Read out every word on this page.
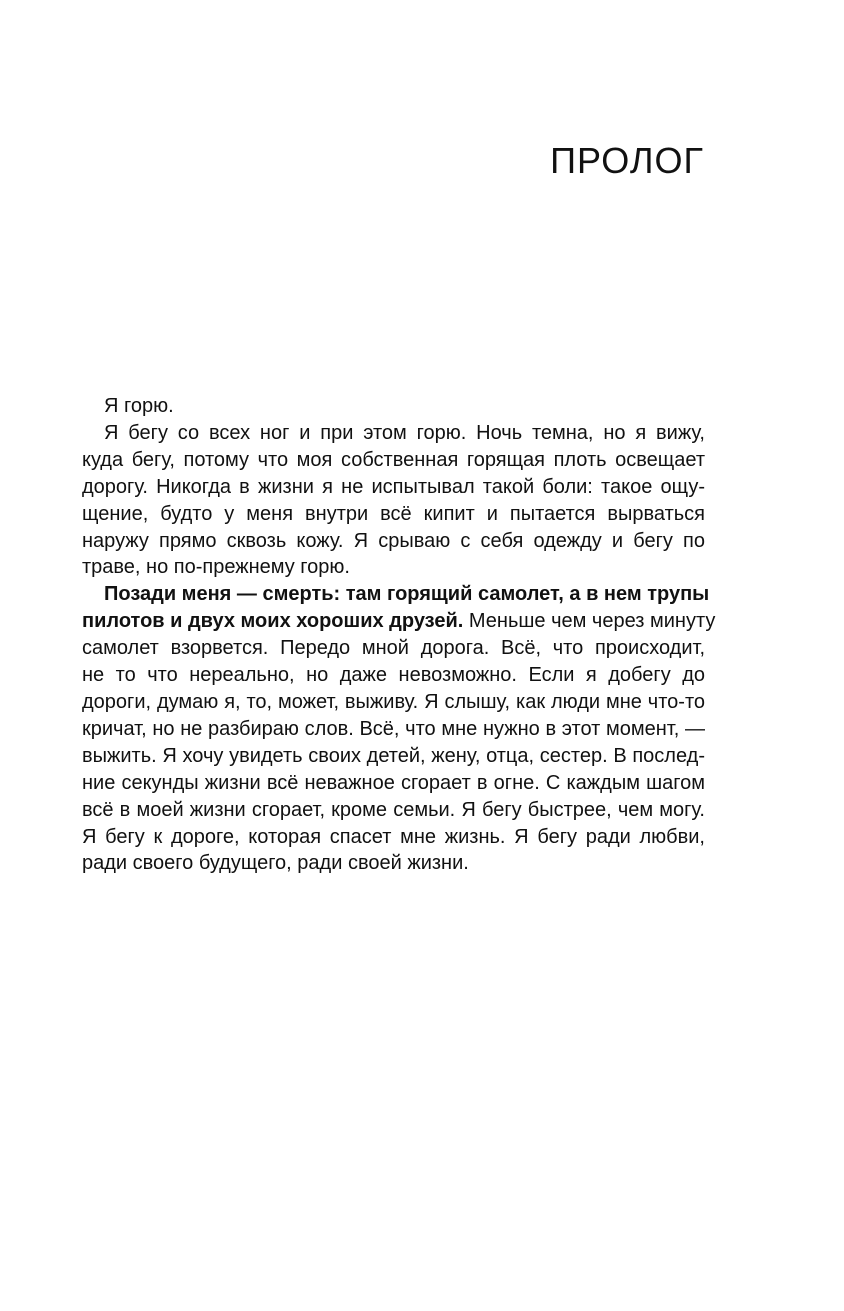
ПРОЛОГ

Я горю.

Я бегу со всех ног и при этом горю. Ночь темна, но я вижу,
куда бегу, потому что моя собственная горящая плоть освещает
дорогу. Никогда в жизни я не испытывал такой боли: такое ощу-
щение, будто у меня внутри всё кипит и пытается вырваться
наружу прямо сквозь кожу. Я срываю с себя одежду и бегу по
траве, но по-прежнему горю.

Позади меня — смерть: там горящий самолет, а в нем трупы
пилотов и двух моих хороших друзей. Меньше чем через минуту
самолет взорвется. Передо мной дорога. Всё, что происходит,
не то что нереально, но даже невозможно. Если я добегу до
дороги, думаю я, то, может, выживу. Я слышу, как люди мне что-то
кричат, но не разбираю слов. Всё, что мне нужно в этот момент, —
выжить. Я хочу увидеть своих детей, жену, отца, сестер. В послед-
ние секунды жизни всё неважное сгорает в огне. С каждым шагом
всё в моей жизни сгорает, кроме семьи. Я бегу быстрее, чем могу.
Я бегу к дороге, которая спасет мне жизнь. Я бегу ради любви,
ради своего будущего, ради своей жизни.
